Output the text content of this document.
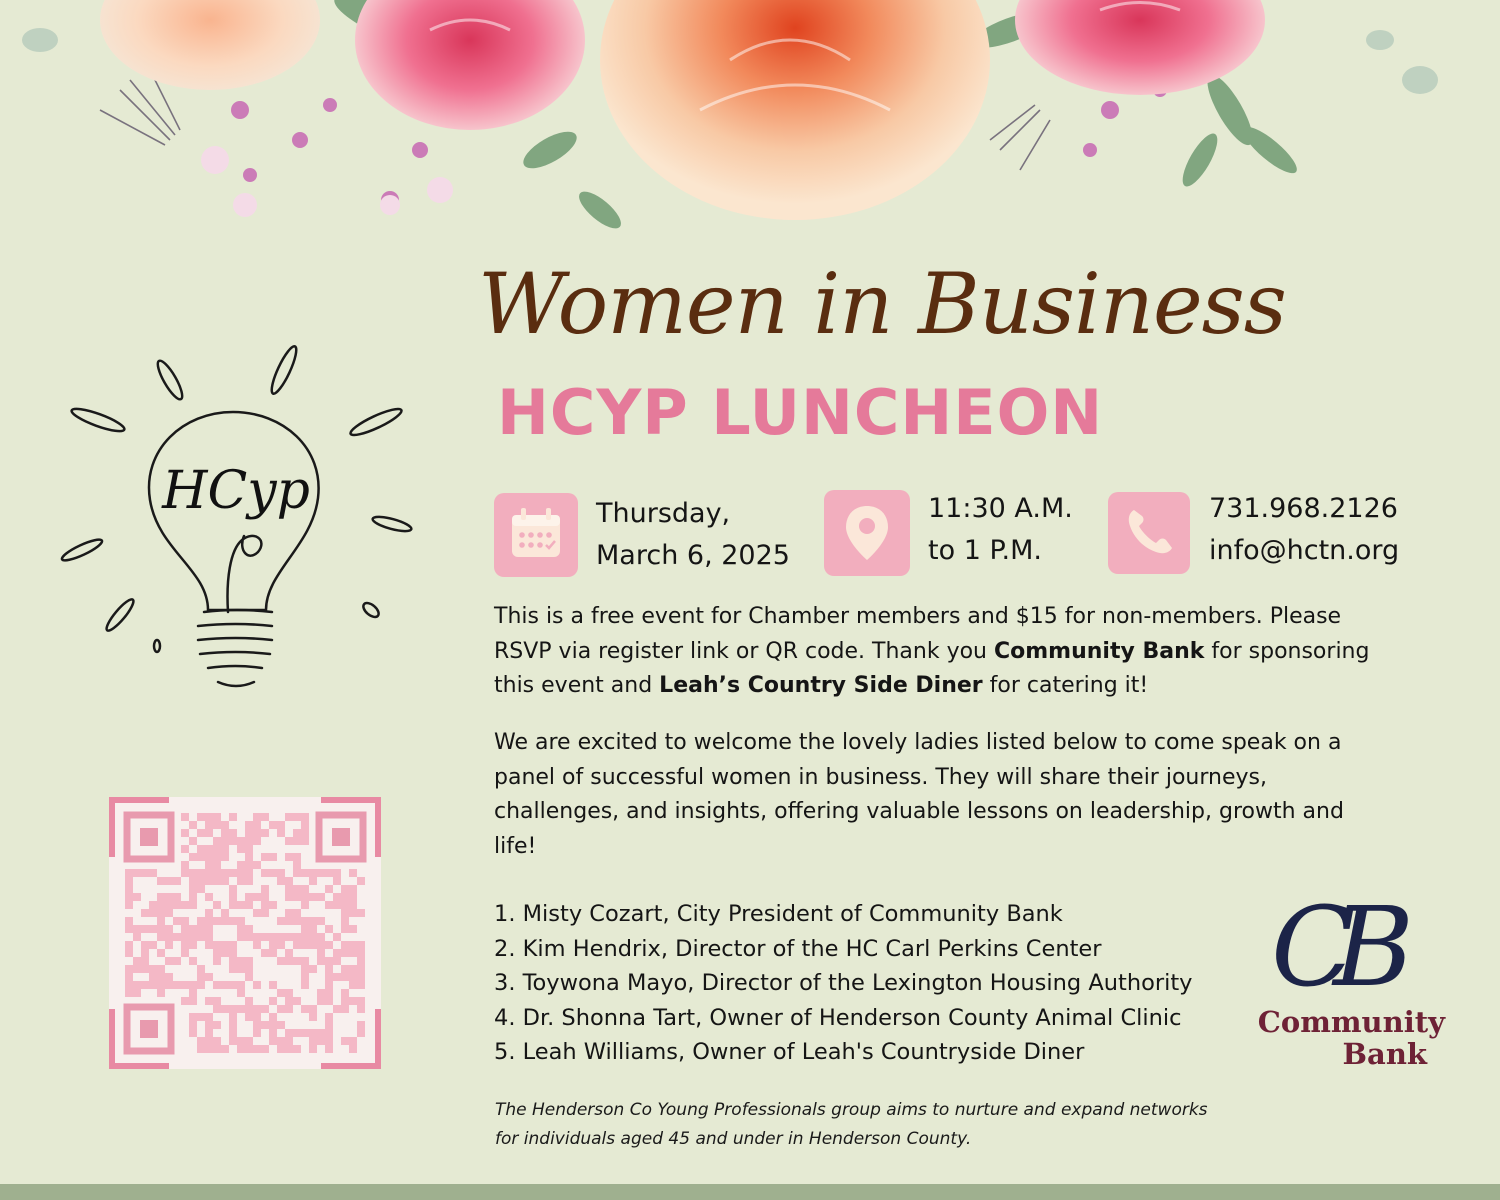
Women in Business
HCYP LUNCHEON
Thursday,
March 6, 2025
11:30 A.M.
to 1 P.M.
731.968.2126
info@hctn.org
This is a free event for Chamber members and $15 for non-members. Please RSVP via register link or QR code. Thank you Community Bank for sponsoring this event and Leah’s Country Side Diner for catering it!
We are excited to welcome the lovely ladies listed below to come speak on a panel of successful women in business. They will share their journeys, challenges, and insights, offering valuable lessons on leadership, growth and life!
1. Misty Cozart, City President of Community Bank
2. Kim Hendrix, Director of the HC Carl Perkins Center
3. Toywona Mayo, Director of the Lexington Housing Authority
4. Dr. Shonna Tart, Owner of Henderson County Animal Clinic
5. Leah Williams, Owner of Leah's Countryside Diner
The Henderson Co Young Professionals group aims to nurture and expand networks for individuals aged 45 and under in Henderson County.
HCyp
CB
Community
Bank
